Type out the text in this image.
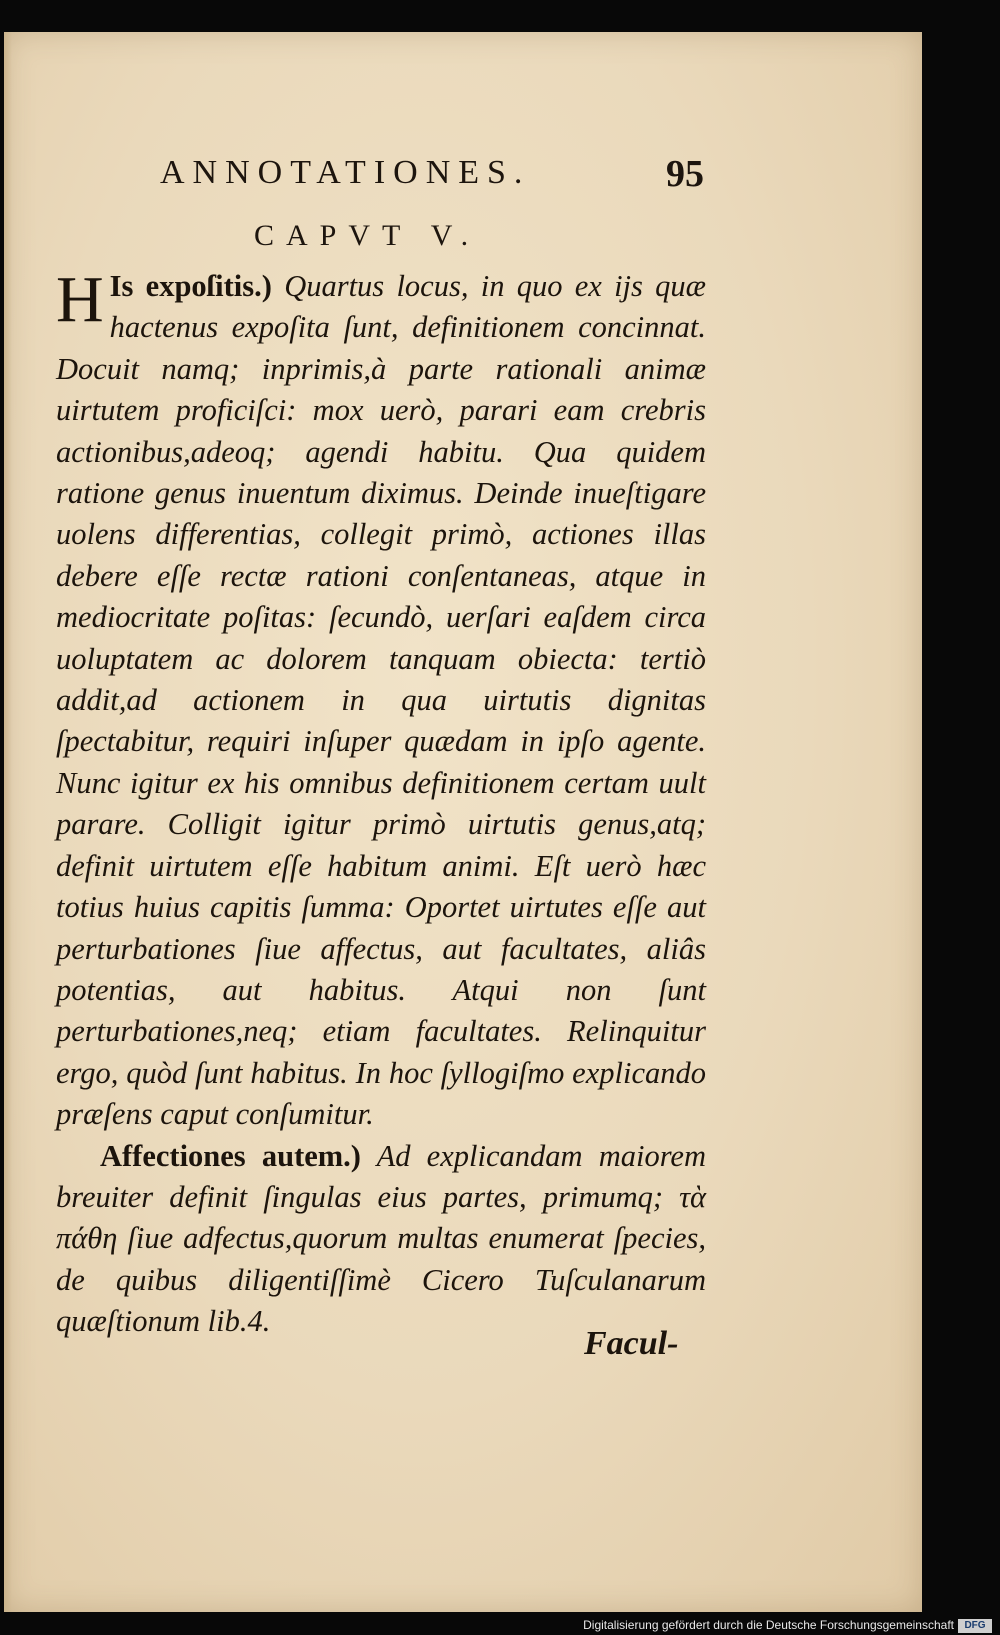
ANNOTATIONES.	95
CAPVT V.

H Is expoſitis.) Quartus locus, in quo ex ijs quæ hactenus expoſita ſunt, definitionem concinnat. Docuit namq; inprimis,à parte rationali animæ uirtutem proficiſci: mox uerò, parari eam crebris actionibus,adeoq; agendi habitu. Qua quidem ratione genus inuentum diximus. Deinde inueſtigare uolens differentias, collegit primò, actiones illas debere eſſe rectæ rationi conſentaneas, atque in mediocritate poſitas: ſecundò, uerſari eaſdem circa uoluptatem ac dolorem tanquam obiecta: tertiò addit,ad actionem in qua uirtutis dignitas ſpectabitur, requiri inſuper quædam in ipſo agente. Nunc igitur ex his omnibus definitionem certam uult parare. Colligit igitur primò uirtutis genus,atq; definit uirtutem eſſe habitum animi. Eſt uerò hæc totius huius capitis ſumma: Oportet uirtutes eſſe aut perturbationes ſiue affectus, aut facultates, aliâs potentias, aut habitus. Atqui non ſunt perturbationes,neq; etiam facultates. Relinquitur ergo, quòd ſunt habitus. In hoc ſyllogiſmo explicando præſens caput conſumitur.

Affectiones autem.) Ad explicandam maiorem breuiter definit ſingulas eius partes, primumq; τὰ πάθη ſiue adfectus,quorum multas enumerat ſpecies, de quibus diligentiſſimè Cicero Tuſculanarum quæſtionum lib.4.

Facul-
Digitalisierung gefördert durch die Deutsche Forschungsgemeinschaft	DFG
